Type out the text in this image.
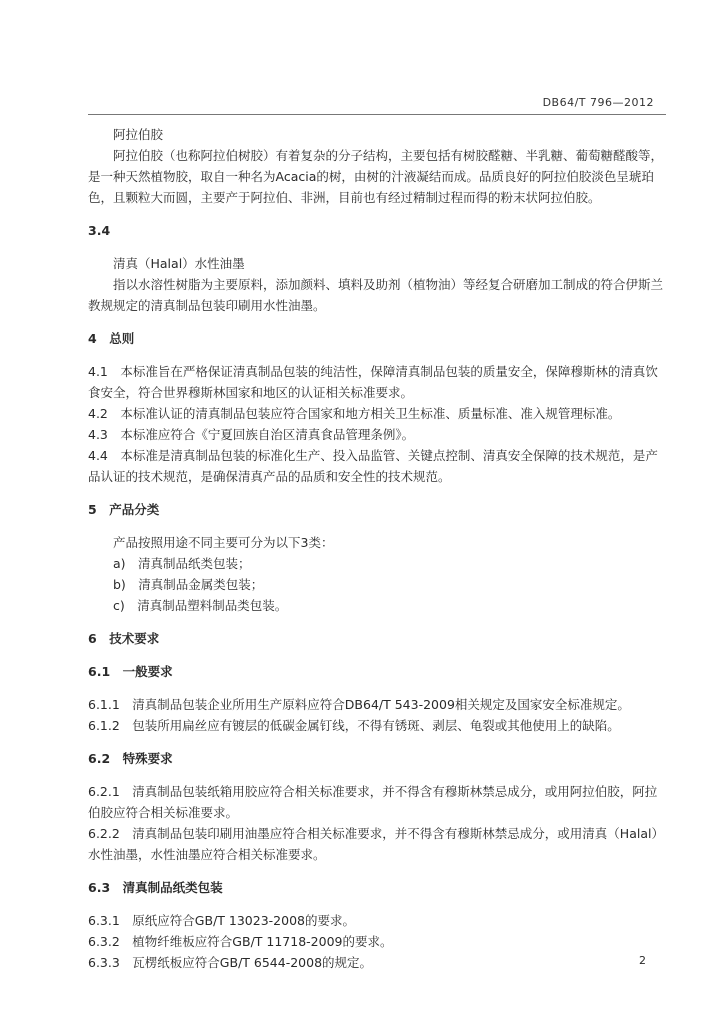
DB64/T 796—2012

阿拉伯胶

阿拉伯胶（也称阿拉伯树胶）有着复杂的分子结构，主要包括有树胶醛糖、半乳糖、葡萄糖醛酸等，是一种天然植物胶，取自一种名为Acacia的树，由树的汁液凝结而成。品质良好的阿拉伯胶淡色呈琥珀色，且颗粒大而圆，主要产于阿拉伯、非洲，目前也有经过精制过程而得的粉末状阿拉伯胶。

3.4

清真（Halal）水性油墨

指以水溶性树脂为主要原料，添加颜料、填料及助剂（植物油）等经复合研磨加工制成的符合伊斯兰教规规定的清真制品包装印刷用水性油墨。

4　总则

4.1　本标准旨在严格保证清真制品包装的纯洁性，保障清真制品包装的质量安全，保障穆斯林的清真饮食安全，符合世界穆斯林国家和地区的认证相关标准要求。

4.2　本标准认证的清真制品包装应符合国家和地方相关卫生标准、质量标准、准入规管理标准。

4.3　本标准应符合《宁夏回族自治区清真食品管理条例》。

4.4　本标准是清真制品包装的标准化生产、投入品监管、关键点控制、清真安全保障的技术规范，是产品认证的技术规范，是确保清真产品的品质和安全性的技术规范。

5　产品分类

产品按照用途不同主要可分为以下3类：

a)　清真制品纸类包装；

b)　清真制品金属类包装；

c)　清真制品塑料制品类包装。

6　技术要求

6.1　一般要求

6.1.1　清真制品包装企业所用生产原料应符合DB64/T 543-2009相关规定及国家安全标准规定。

6.1.2　包装所用扁丝应有镀层的低碳金属钉线，不得有锈斑、剥层、龟裂或其他使用上的缺陷。

6.2　特殊要求

6.2.1　清真制品包装纸箱用胶应符合相关标准要求，并不得含有穆斯林禁忌成分，或用阿拉伯胶，阿拉伯胶应符合相关标准要求。

6.2.2　清真制品包装印刷用油墨应符合相关标准要求，并不得含有穆斯林禁忌成分，或用清真（Halal）水性油墨，水性油墨应符合相关标准要求。

6.3　清真制品纸类包装

6.3.1　原纸应符合GB/T 13023-2008的要求。

6.3.2　植物纤维板应符合GB/T 11718-2009的要求。

6.3.3　瓦楞纸板应符合GB/T 6544-2008的规定。	2
